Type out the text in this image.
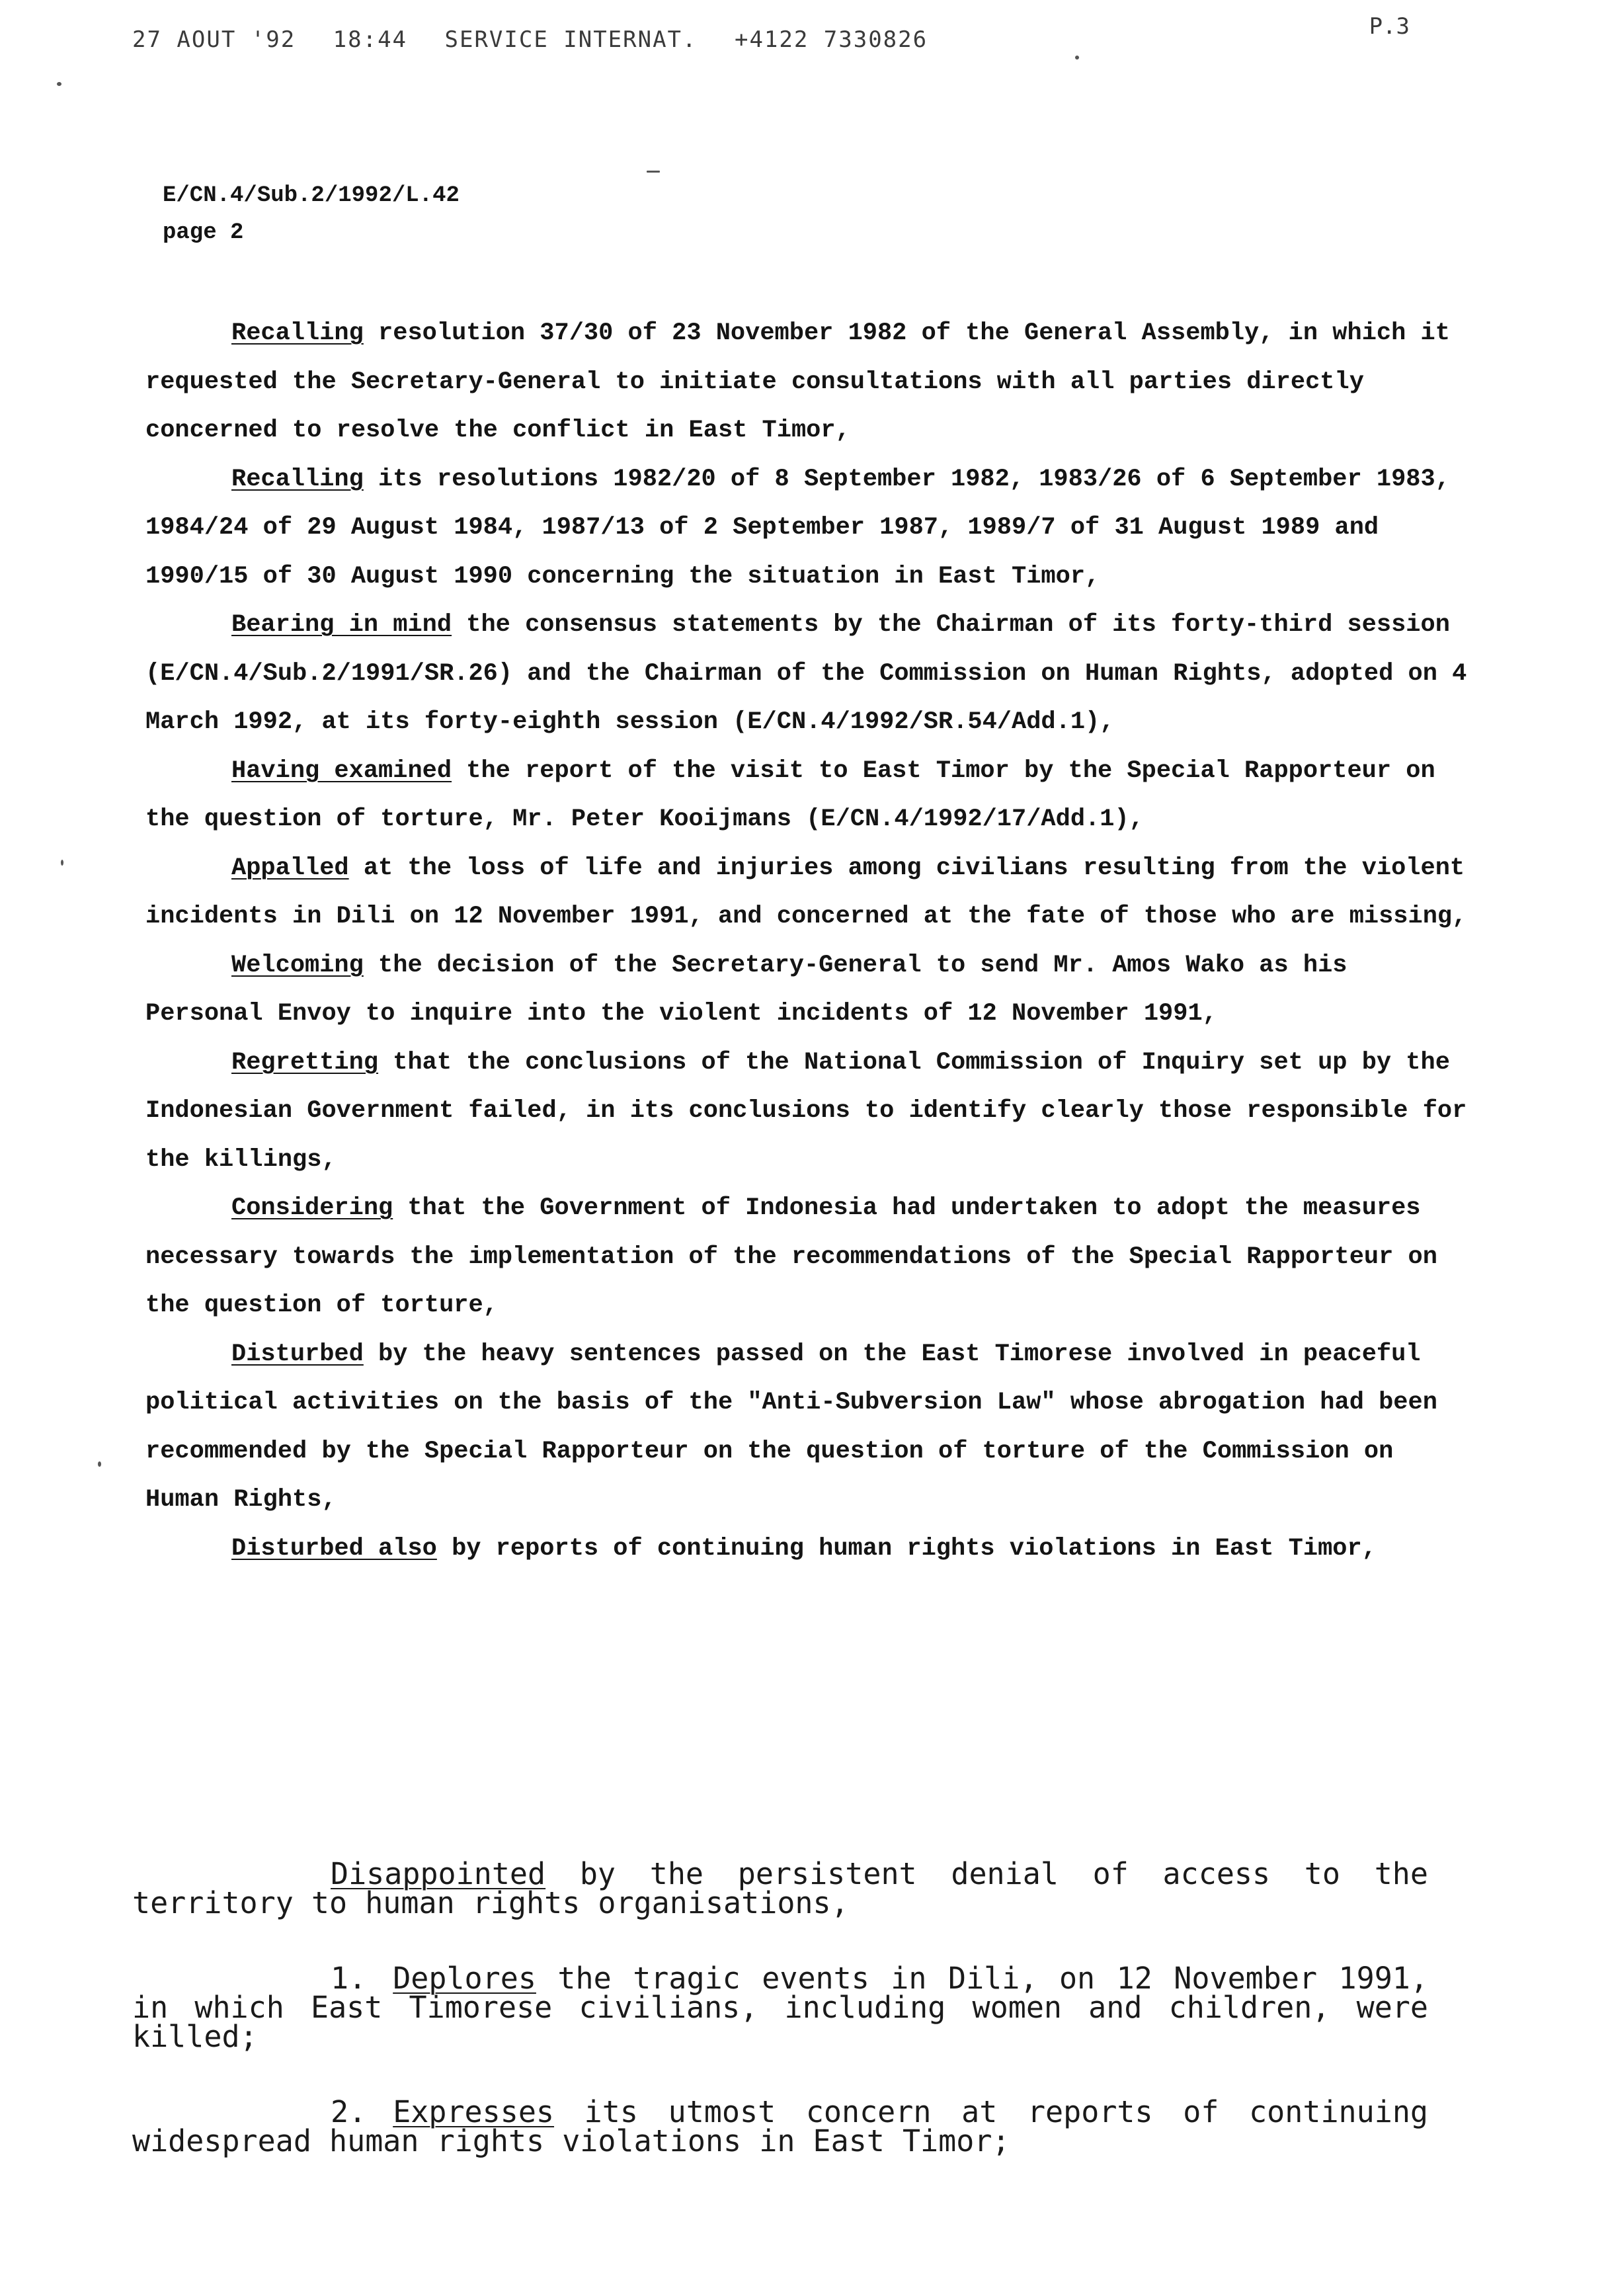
27 AOUT '92 18:44 SERVICE INTERNAT. +4122 7330826	P.3
E/CN.4/Sub.2/1992/L.42
page 2

Recalling resolution 37/30 of 23 November 1982 of the General Assembly, in which it requested the Secretary-General to initiate consultations with all parties directly concerned to resolve the conflict in East Timor,

Recalling its resolutions 1982/20 of 8 September 1982, 1983/26 of 6 September 1983, 1984/24 of 29 August 1984, 1987/13 of 2 September 1987, 1989/7 of 31 August 1989 and 1990/15 of 30 August 1990 concerning the situation in East Timor,

Bearing in mind the consensus statements by the Chairman of its forty-third session (E/CN.4/Sub.2/1991/SR.26) and the Chairman of the Commission on Human Rights, adopted on 4 March 1992, at its forty-eighth session (E/CN.4/1992/SR.54/Add.1),

Having examined the report of the visit to East Timor by the Special Rapporteur on the question of torture, Mr. Peter Kooijmans (E/CN.4/1992/17/Add.1),

Appalled at the loss of life and injuries among civilians resulting from the violent incidents in Dili on 12 November 1991, and concerned at the fate of those who are missing,

Welcoming the decision of the Secretary-General to send Mr. Amos Wako as his Personal Envoy to inquire into the violent incidents of 12 November 1991,

Regretting that the conclusions of the National Commission of Inquiry set up by the Indonesian Government failed, in its conclusions to identify clearly those responsible for the killings,

Considering that the Government of Indonesia had undertaken to adopt the measures necessary towards the implementation of the recommendations of the Special Rapporteur on the question of torture,

Disturbed by the heavy sentences passed on the East Timorese involved in peaceful political activities on the basis of the "Anti-Subversion Law" whose abrogation had been recommended by the Special Rapporteur on the question of torture of the Commission on Human Rights,

Disturbed also by reports of continuing human rights violations in East Timor,

Disappointed by the persistent denial of access to the territory to human rights organisations,

1. Deplores the tragic events in Dili, on 12 November 1991, in which East Timorese civilians, including women and children, were killed;

2. Expresses its utmost concern at reports of continuing widespread human rights violations in East Timor;
